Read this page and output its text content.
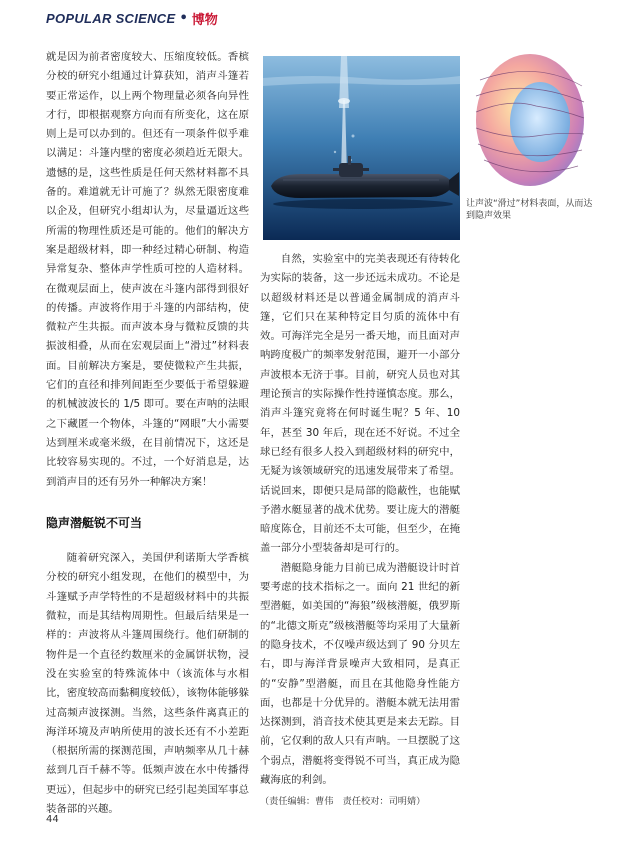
POPULAR SCIENCE • 博物

就是因为前者密度较大、压缩度较低。香槟分校的研究小组通过计算获知，消声斗篷若要正常运作，以上两个物理量必须各向异性才行，即根据观察方向而有所变化，这在原则上是可以办到的。但还有一项条件似乎难以满足：斗篷内壁的密度必须趋近无限大。遗憾的是，这些性质是任何天然材料都不具备的。难道就无计可施了？纵然无限密度难以企及，但研究小组却认为，尽量逼近这些所需的物理性质还是可能的。他们的解决方案是超级材料，即一种经过精心研制、构造异常复杂、整体声学性质可控的人造材料。在微观层面上，使声波在斗篷内部得到很好的传播。声波将作用于斗篷的内部结构，使微粒产生共振。而声波本身与微粒反馈的共振波相叠，从而在宏观层面上“滑过”材料表面。目前解决方案是，要使微粒产生共振，它们的直径和排列间距至少要低于希望躲避的机械波波长的 1/5 即可。要在声呐的法眼之下藏匿一个物体，斗篷的“网眼”大小需要达到厘米或毫米级，在目前情况下，这还是比较容易实现的。不过，一个好消息是，达到消声目的还有另外一种解决方案！

隐声潜艇锐不可当

随着研究深入，美国伊利诺斯大学香槟分校的研究小组发现，在他们的模型中，为斗篷赋予声学特性的不是超级材料中的共振微粒，而是其结构周期性。但最后结果是一样的：声波将从斗篷周围绕行。他们研制的物件是一个直径约数厘米的金属饼状物，浸没在实验室的特殊流体中（该流体与水相比，密度较高而黏稠度较低），该物体能够躲过高频声波探测。当然，这些条件离真正的海洋环境及声呐所使用的波长还有不小差距（根据所需的探测范围，声呐频率从几十赫兹到几百千赫不等。低频声波在水中传播得更远），但起步中的研究已经引起美国军事总装备部的兴趣。

让声波“滑过”材料表面，从而达到隐声效果

自然，实验室中的完美表现还有待转化为实际的装备，这一步还远未成功。不论是以超级材料还是以普通金属制成的消声斗篷，它们只在某种特定目匀质的流体中有效。可海洋完全是另一番天地，而且面对声呐跨度极广的频率发射范围，避开一小部分声波根本无济于事。目前，研究人员也对其理论预言的实际操作性持谨慎态度。那么，消声斗篷究竟将在何时诞生呢？5 年、10 年，甚至 30 年后，现在还不好说。不过全球已经有很多人投入到超级材料的研究中，无疑为该领域研究的迅速发展带来了希望。话说回来，即便只是局部的隐蔽性，也能赋予潜水艇显著的战术优势。要让庞大的潜艇暗度陈仓，目前还不太可能，但至少，在掩盖一部分小型装备却是可行的。

潜艇隐身能力目前已成为潜艇设计时首要考虑的技术指标之一。面向 21 世纪的新型潜艇，如美国的“海狼”级核潜艇，俄罗斯的“北德文斯克”级核潜艇等均采用了大量新的隐身技术，不仅噪声级达到了 90 分贝左右，即与海洋背景噪声大致相同，是真正的“安静”型潜艇，而且在其他隐身性能方面，也都是十分优异的。潜艇本就无法用雷达探测到，消音技术使其更是来去无踪。目前，它仅剩的敌人只有声呐。一旦摆脱了这个弱点，潜艇将变得锐不可当，真正成为隐藏海底的利剑。

（责任编辑：曹伟　责任校对：司明婧）

44
